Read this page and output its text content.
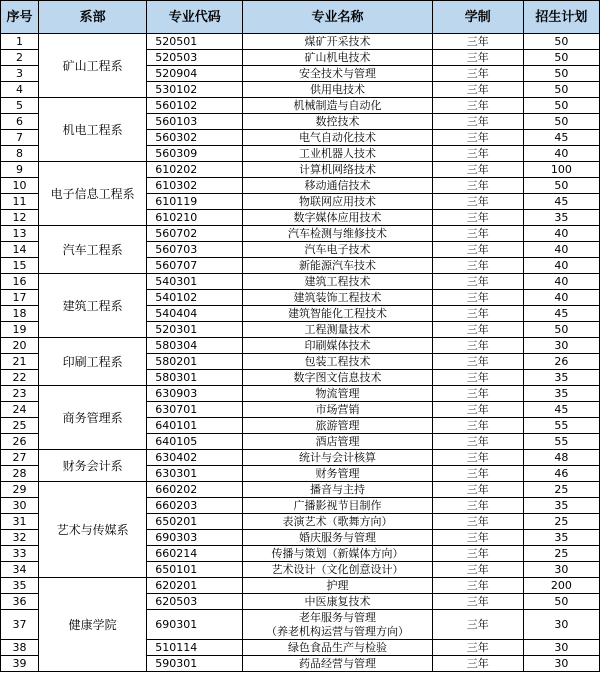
序号	系部	专业代码	专业名称	学制	招生计划
1	矿山工程系	520501	煤矿开采技术	三年	50
2		520503	矿山机电技术	三年	50
3		520904	安全技术与管理	三年	50
4		530102	供用电技术	三年	50
5	机电工程系	560102	机械制造与自动化	三年	50
6		560103	数控技术	三年	50
7		560302	电气自动化技术	三年	45
8		560309	工业机器人技术	三年	40
9	电子信息工程系	610202	计算机网络技术	三年	100
10		610302	移动通信技术	三年	50
11		610119	物联网应用技术	三年	45
12		610210	数字媒体应用技术	三年	35
13	汽车工程系	560702	汽车检测与维修技术	三年	40
14		560703	汽车电子技术	三年	40
15		560707	新能源汽车技术	三年	40
16	建筑工程系	540301	建筑工程技术	三年	40
17		540102	建筑装饰工程技术	三年	40
18		540404	建筑智能化工程技术	三年	45
19		520301	工程测量技术	三年	50
20	印刷工程系	580304	印刷媒体技术	三年	30
21		580201	包装工程技术	三年	26
22		580301	数字图文信息技术	三年	35
23	商务管理系	630903	物流管理	三年	35
24		630701	市场营销	三年	45
25		640101	旅游管理	三年	55
26		640105	酒店管理	三年	55
27	财务会计系	630402	统计与会计核算	三年	48
28		630301	财务管理	三年	46
29	艺术与传媒系	660202	播音与主持	三年	25
30		660203	广播影视节目制作	三年	35
31		650201	表演艺术（歌舞方向）	三年	25
32		690303	婚庆服务与管理	三年	35
33		660214	传播与策划（新媒体方向）	三年	25
34		650101	艺术设计（文化创意设计）	三年	30
35	健康学院	620201	护理	三年	200
36		620503	中医康复技术	三年	50
37		690301	老年服务与管理
（养老机构运营与管理方向）	三年	30
38		510114	绿色食品生产与检验	三年	30
39		590301	药品经营与管理	三年	30
